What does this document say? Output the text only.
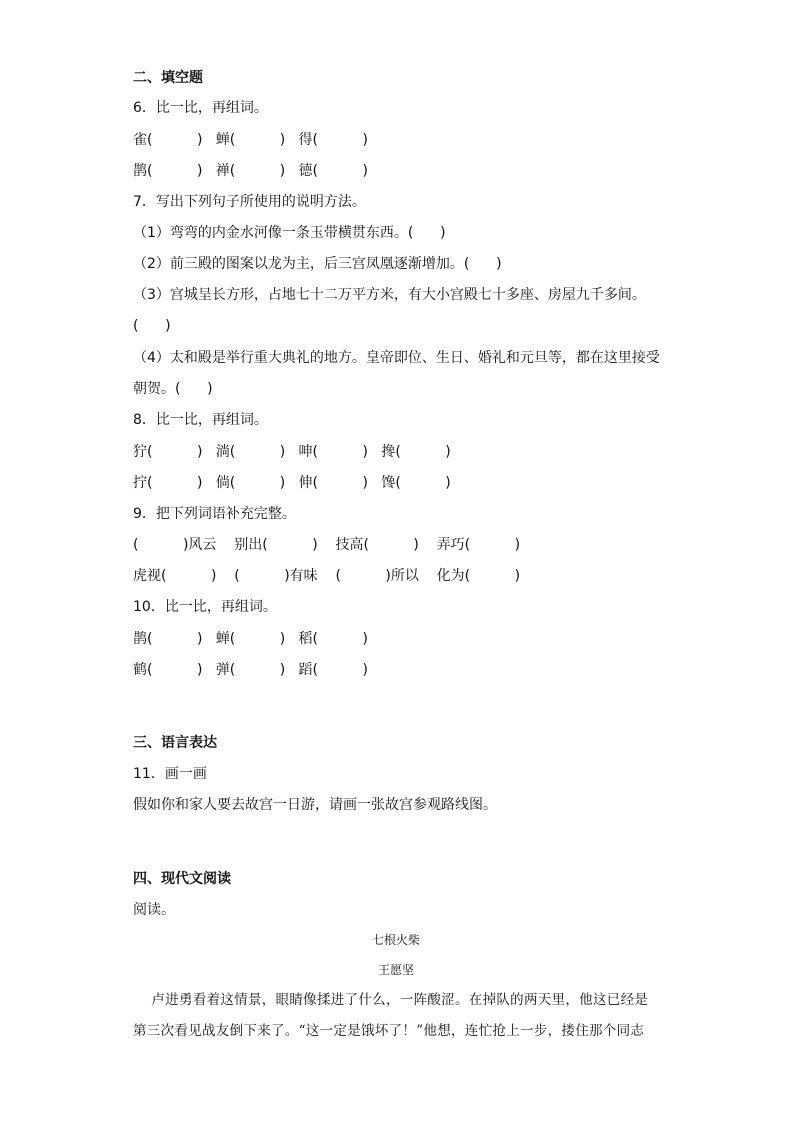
二、填空题
6．比一比，再组词。
雀(          )   蝉(          )   得(          )
鹊(          )   禅(          )   德(          )
7．写出下列句子所使用的说明方法。
（1）弯弯的内金水河像一条玉带横贯东西。(      )
（2）前三殿的图案以龙为主，后三宫凤凰逐渐增加。(      )
（3）宫城呈长方形，占地七十二万平方米，有大小宫殿七十多座、房屋九千多间。
(      )
（4）太和殿是举行重大典礼的地方。皇帝即位、生日、婚礼和元旦等，都在这里接受
朝贺。(      )
8．比一比，再组词。
狞(          )   淌(          )   呻(          )   搀(          )
拧(          )   倘(          )   伸(          )   馋(          )
9．把下列词语补充完整。
(          )风云    别出(          )    技高(          )    弄巧(          )
虎视(          )    (          )有味    (          )所以    化为(          )
10．比一比，再组词。
鹊(          )   蝉(          )   稻(          )
鹤(          )   弹(          )   蹈(          )
三、语言表达
11．画一画
假如你和家人要去故宫一日游，请画一张故宫参观路线图。
四、现代文阅读
阅读。
七根火柴
王愿坚
卢进勇看着这情景，眼睛像揉进了什么，一阵酸涩。在掉队的两天里，他这已经是
第三次看见战友倒下来了。“这一定是饿坏了！”他想，连忙抢上一步，搂住那个同志
